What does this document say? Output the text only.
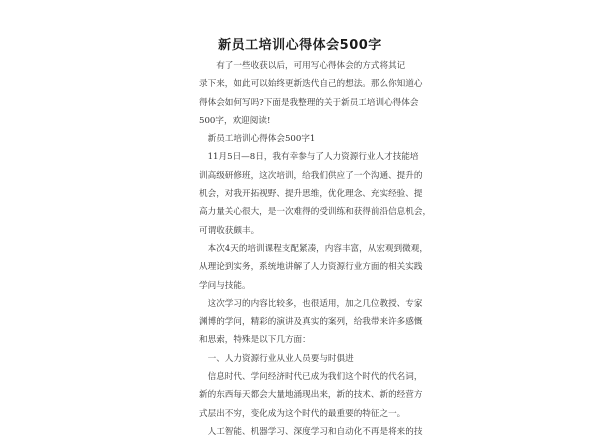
新员工培训心得体会500字
　　有了一些收获以后，可用写心得体会的方式将其记
录下来，如此可以始终更新迭代自己的想法。那么你知道心
得体会如何写吗?下面是我整理的关于新员工培训心得体会
500字，欢迎阅读!
　新员工培训心得体会500字1
　11月5日—8日，我有幸参与了人力资源行业人才技能培
训高级研修班，这次培训，给我们供应了一个沟通、提升的
机会，对我开拓视野、提升思维，优化理念、充实经验、提
高力量关心很大，是一次难得的受训练和获得前沿信息机会，
可谓收获颇丰。
　本次4天的培训课程支配紧凑，内容丰富，从宏观到微观，
从理论到实务，系统地讲解了人力资源行业方面的相关实践
学问与技能。
　这次学习的内容比较多，也很适用，加之几位教授、专家
渊博的学问，精彩的演讲及真实的案列，给我带来许多感慨
和思索，特殊是以下几方面：
　一、人力资源行业从业人员要与时俱进
　信息时代、学问经济时代已成为我们这个时代的代名词，
新的东西每天都会大量地涌现出来，新的技术、新的经营方
式层出不穷，变化成为这个时代的最重要的特征之一。
　人工智能、机器学习、深度学习和自动化不再是将来的技
